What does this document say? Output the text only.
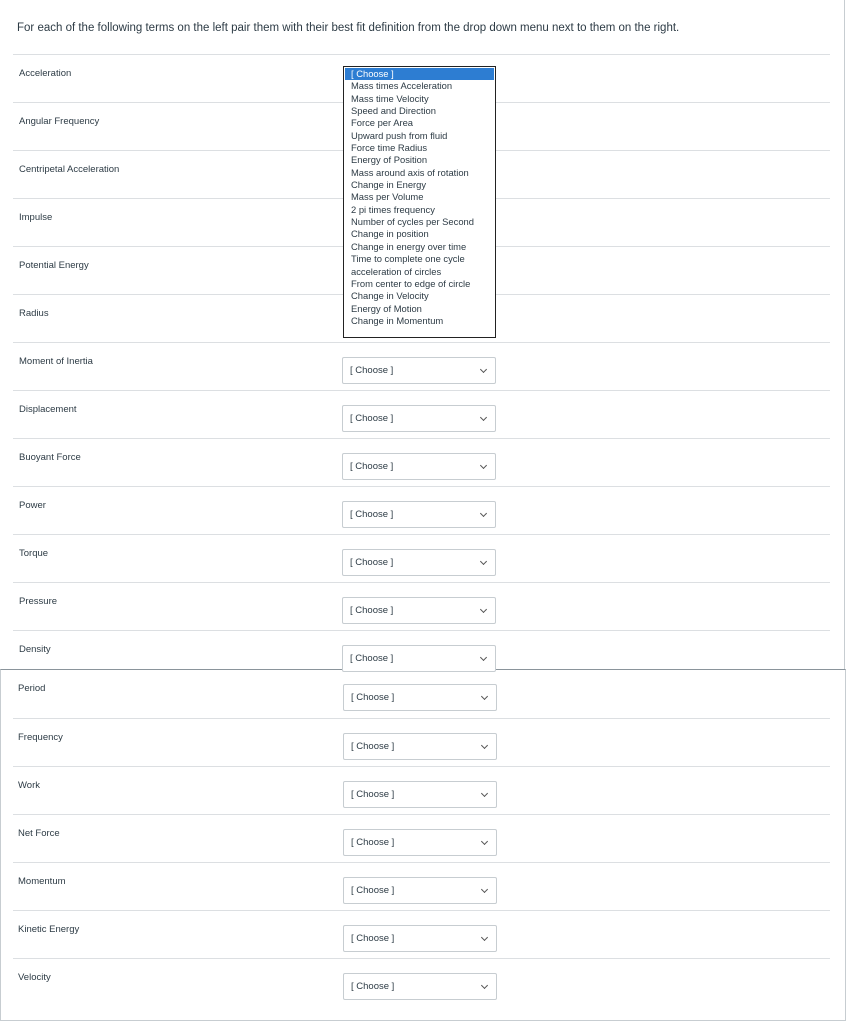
For each of the following terms on the left pair them with their best fit definition from the drop down menu next to them on the right.
Acceleration
Angular Frequency
Centripetal Acceleration
Impulse
Potential Energy
Radius
Moment of Inertia
[ Choose ]
Displacement
[ Choose ]
Buoyant Force
[ Choose ]
Power
[ Choose ]
Torque
[ Choose ]
Pressure
[ Choose ]
Density
[ Choose ]
Period
[ Choose ]
Frequency
[ Choose ]
Work
[ Choose ]
Net Force
[ Choose ]
Momentum
[ Choose ]
Kinetic Energy
[ Choose ]
Velocity
[ Choose ]
[ Choose ]
Mass times Acceleration
Mass time Velocity
Speed and Direction
Force per Area
Upward push from fluid
Force time Radius
Energy of Position
Mass around axis of rotation
Change in Energy
Mass per Volume
2 pi times frequency
Number of cycles per Second
Change in position
Change in energy over time
Time to complete one cycle
acceleration of circles
From center to edge of circle
Change in Velocity
Energy of Motion
Change in Momentum
